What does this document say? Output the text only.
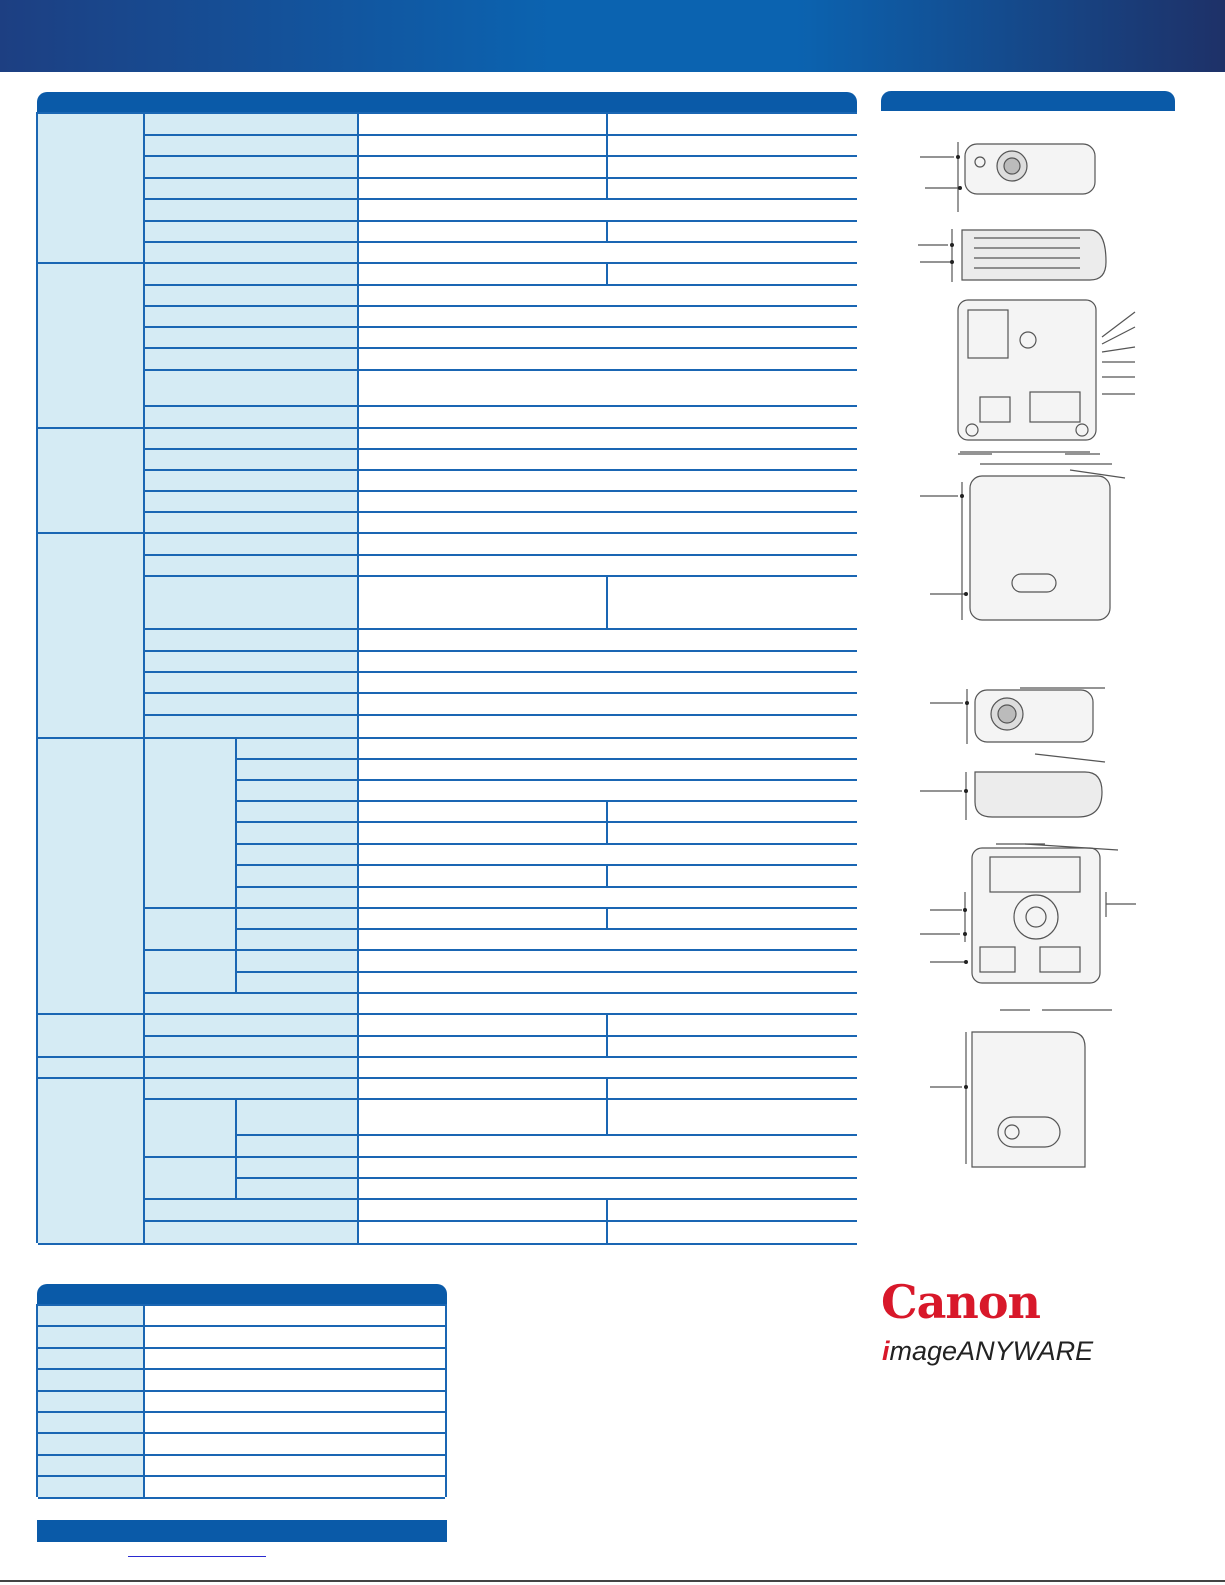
Canon
imageANYWARE
